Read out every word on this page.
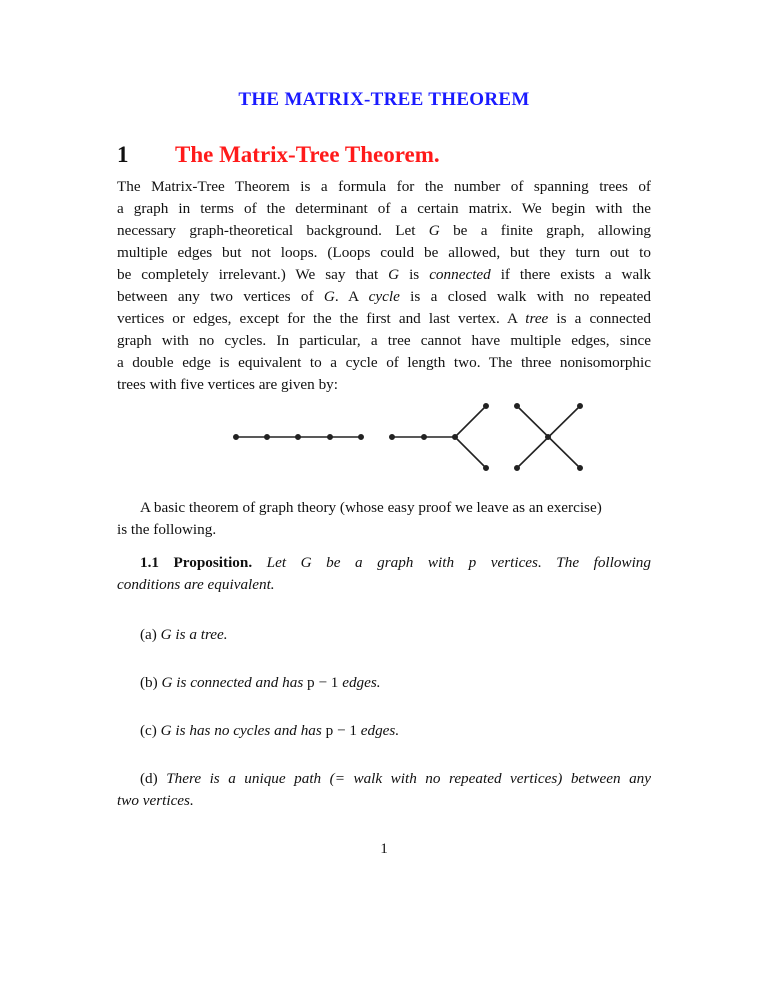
THE MATRIX-TREE THEOREM
1 The Matrix-Tree Theorem.
The Matrix-Tree Theorem is a formula for the number of spanning trees of
a graph in terms of the determinant of a certain matrix. We begin with the
necessary graph-theoretical background. Let G be a finite graph, allowing
multiple edges but not loops. (Loops could be allowed, but they turn out to
be completely irrelevant.) We say that G is connected if there exists a walk
between any two vertices of G. A cycle is a closed walk with no repeated
vertices or edges, except for the the first and last vertex. A tree is a connected
graph with no cycles. In particular, a tree cannot have multiple edges, since
a double edge is equivalent to a cycle of length two. The three nonisomorphic
trees with five vertices are given by:
A basic theorem of graph theory (whose easy proof we leave as an exercise)
is the following.
1.1 Proposition. Let G be a graph with p vertices. The following
conditions are equivalent.
(a) G is a tree.
(b) G is connected and has p − 1 edges.
(c) G is has no cycles and has p − 1 edges.
(d) There is a unique path (= walk with no repeated vertices) between any
two vertices.
1
